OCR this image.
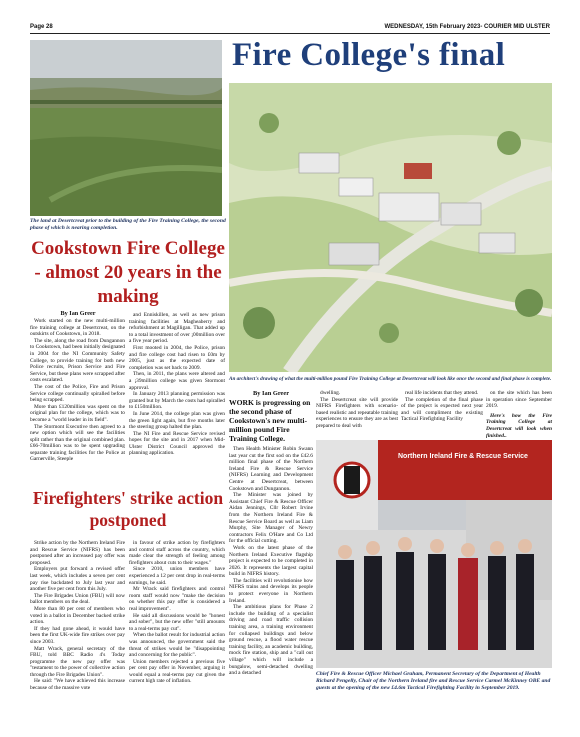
Page 28	WEDNESDAY, 15th February 2023- COURIER MID ULSTER
Fire College's final
The land at Desertcreat prior to the building of the Fire Training College, the second phase of which is nearing completion.
Cookstown Fire College - almost 20 years in the making
By Ian Greer

Work started on the new multi-million fire training college at Desertcreat, on the outskirts of Cookstown, in 2018.

The site, along the road from Dungannon to Cookstown, had been initially designated in 2004 for the NI Community Safety College, to provide training for both new Police recruits, Prison Service and Fire Service, but these plans were scrapped after costs escalated.

The cost of the Police, Fire and Prison Service college continually spiralled before being scrapped.

More than £120million was spent on the original plan for the college, which was to become a "world leader in its field".

The Stormont Executive then agreed to a new option which will see the facilities split rather than the original combined plan. £66-70million was to be spent upgrading separate training facilities for the Police at Garnerville, Steeple

and Enniskillen, as well as new prison training facilities at Magheaberry and refurbishment at Magilligan. That added up to a total investment of over ¡00million over a five year period.

First mooted in 2004, the Police, prison and fire college cost had risen to £0m by 2005, just as the expected date of completion was set back to 2009.

Then, in 2011, the plans were altered and a ¡39million college was given Stormont approval.

In January 2013 planning permission was granted but by March the costs had spiralled to £150million.

In June 2014, the college plan was given the green light again, but five months later the steering group halted the plan.

The NI Fire and Rescue Service revised hopes for the site and in 2017 when Mid-Ulster District Council approved the planning application.

Firefighters' strike action postponed

Strike action by the Northern Ireland Fire and Rescue Service (NIFRS) has been postponed after an increased pay offer was proposed.

Employers put forward a revised offer last week, which includes a seven per cent pay rise backdated to July last year and another five per cent from this July.

The Fire Brigades Union (FBU) will now ballot members on the deal.

More than 80 per cent of members who voted in a ballot in December backed strike action.

If they had gone ahead, it would have been the first UK-wide fire strikes over pay since 2003.

Matt Wrack, general secretary of the FBU, told BBC Radio 4's Today programme the new pay offer was "testament to the power of collective action through the Fire Brigades Union".

He said: "We have achieved this increase because of the massive vote

in favour of strike action by firefighters and control staff across the country, which made clear the strength of feeling among firefighters about cuts to their wages."

Since 2010, union members have experienced a 12 per cent drop in real-terms earnings, he said.

Mr Wrack said firefighters and control room staff would now "make the decision on whether this pay offer is considered a real improvement".

He said all discussions would be "honest and sober", but the new offer "still amounts to a real-terms pay cut".

When the ballot result for industrial action was announced, the government said the threat of strikes would be "disappointing and concerning for the public".

Union members rejected a previous five per cent pay offer in November, arguing it would equal a real-terms pay cut given the current high rate of inflation.

An architect's drawing of what the multi-million pound Fire Training College at Desertcreat will look like once the second and final phase is complete.
By Ian Greer
WORK is progressing on the second phase of Cookstown's new multi-million pound Fire Training College.

Then Health Minister Robin Swann last year cut the first sod on the £42.6 million final phase of the Northern Ireland Fire & Rescue Service (NIFRS) Learning and Development Centre at Desertcreat, between Cookstown and Dungannon.

The Minister was joined by Assistant Chief Fire & Rescue Officer Aidan Jennings, Cllr Robert Irvine from the Northern Ireland Fire & Rescue Service Board as well as Liam Murphy, Site Manager of Newry contractors Felix O'Hare and Co Ltd for the official cutting.

Work on the latest phase of the Northern Ireland Executive flagship project is expected to be completed in 2026. It represents the largest capital build in NIFRS history.

The facilities will revolutionise how NIFRS trains and develops its people to protect everyone in Northern Ireland.

The ambitious plans for Phase 2 include the building of a specialist driving and road traffic collision training area, a training environment for collapsed buildings and below ground rescue, a flood water rescue training facility, an academic building, mock fire station, ship and a "call out village" which will include a bungalow, semi-detached dwelling and a detached

dwelling.

The Desertcreat site will provide NIFRS Firefighters with scenario-based realistic and repeatable training experiences to ensure they are as best prepared to deal with

real life incidents that they attend.

The completion of the final phase of the project is expected next year and will compliment the existing Tactical Firefighting Facility

on the site which has been in operation since September 2019.

Here's how the Fire Training College at Desertcreat will look when finished..

Northern Ireland Fire & Rescue Service
Chief Fire & Rescue Officer Michael Graham, Permanent Secretary of the Department of Health Richard Pengelly, Chair of the Northern Ireland fire and Rescue Service Carmel McKinney OBE and guests at the opening of the new £4.6m Tactical Firefighting Facility in September 2019.
